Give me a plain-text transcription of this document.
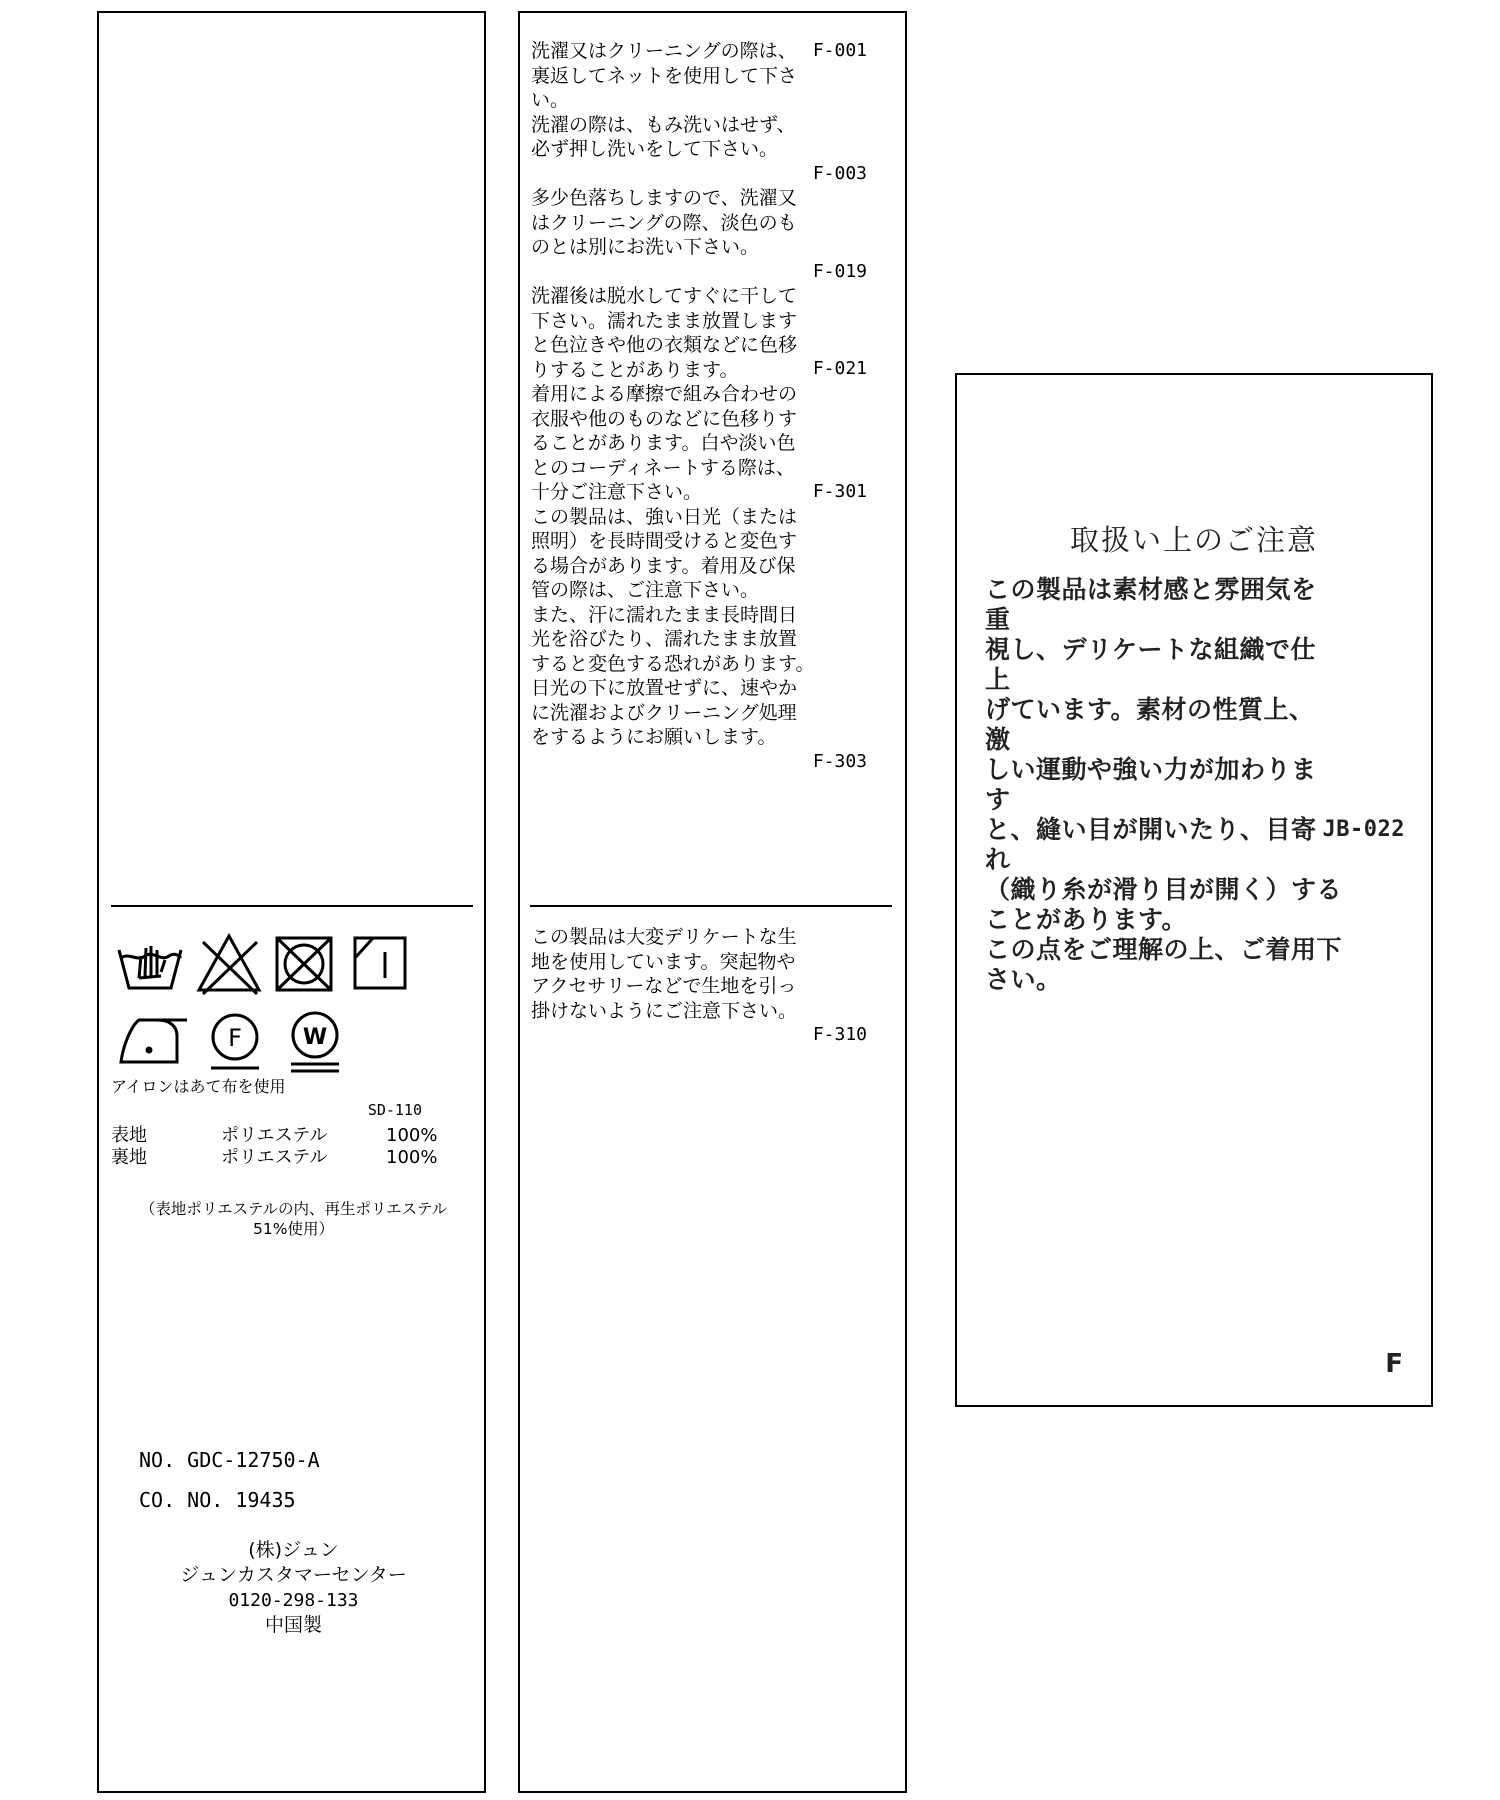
F	W
アイロンはあて布を使用
SD-110
表地	ポリエステル	100%
裏地	ポリエステル	100%
（表地ポリエステルの内、再生ポリエステル
51%使用）
NO. GDC-12750-A
CO. NO. 19435
(株)ジュン
ジュンカスタマーセンター
0120-298-133
中国製
F-001
洗濯又はクリーニングの際は、
裏返してネットを使用して下さ
い。
洗濯の際は、もみ洗いはせず、
必ず押し洗いをして下さい。
F-003
多少色落ちしますので、洗濯又
はクリーニングの際、淡色のも
のとは別にお洗い下さい。
F-019
F-021
洗濯後は脱水してすぐに干して
下さい。濡れたまま放置します
と色泣きや他の衣類などに色移
りすることがあります。
F-301
着用による摩擦で組み合わせの
衣服や他のものなどに色移りす
ることがあります。白や淡い色
とのコーディネートする際は、
十分ご注意下さい。
この製品は、強い日光（または
照明）を長時間受けると変色す
る場合があります。着用及び保
管の際は、ご注意下さい。
また、汗に濡れたまま長時間日
光を浴びたり、濡れたまま放置
すると変色する恐れがあります。
日光の下に放置せずに、速やか
に洗濯およびクリーニング処理
をするようにお願いします。
F-303
この製品は大変デリケートな生
地を使用しています。突起物や
アクセサリーなどで生地を引っ
掛けないようにご注意下さい。
F-310
取扱い上のご注意
JB-022
この製品は素材感と雰囲気を重
視し、デリケートな組織で仕上
げています。素材の性質上、激
しい運動や強い力が加わります
と、縫い目が開いたり、目寄れ
（織り糸が滑り目が開く）する
ことがあります。
この点をご理解の上、ご着用下
さい。
F
